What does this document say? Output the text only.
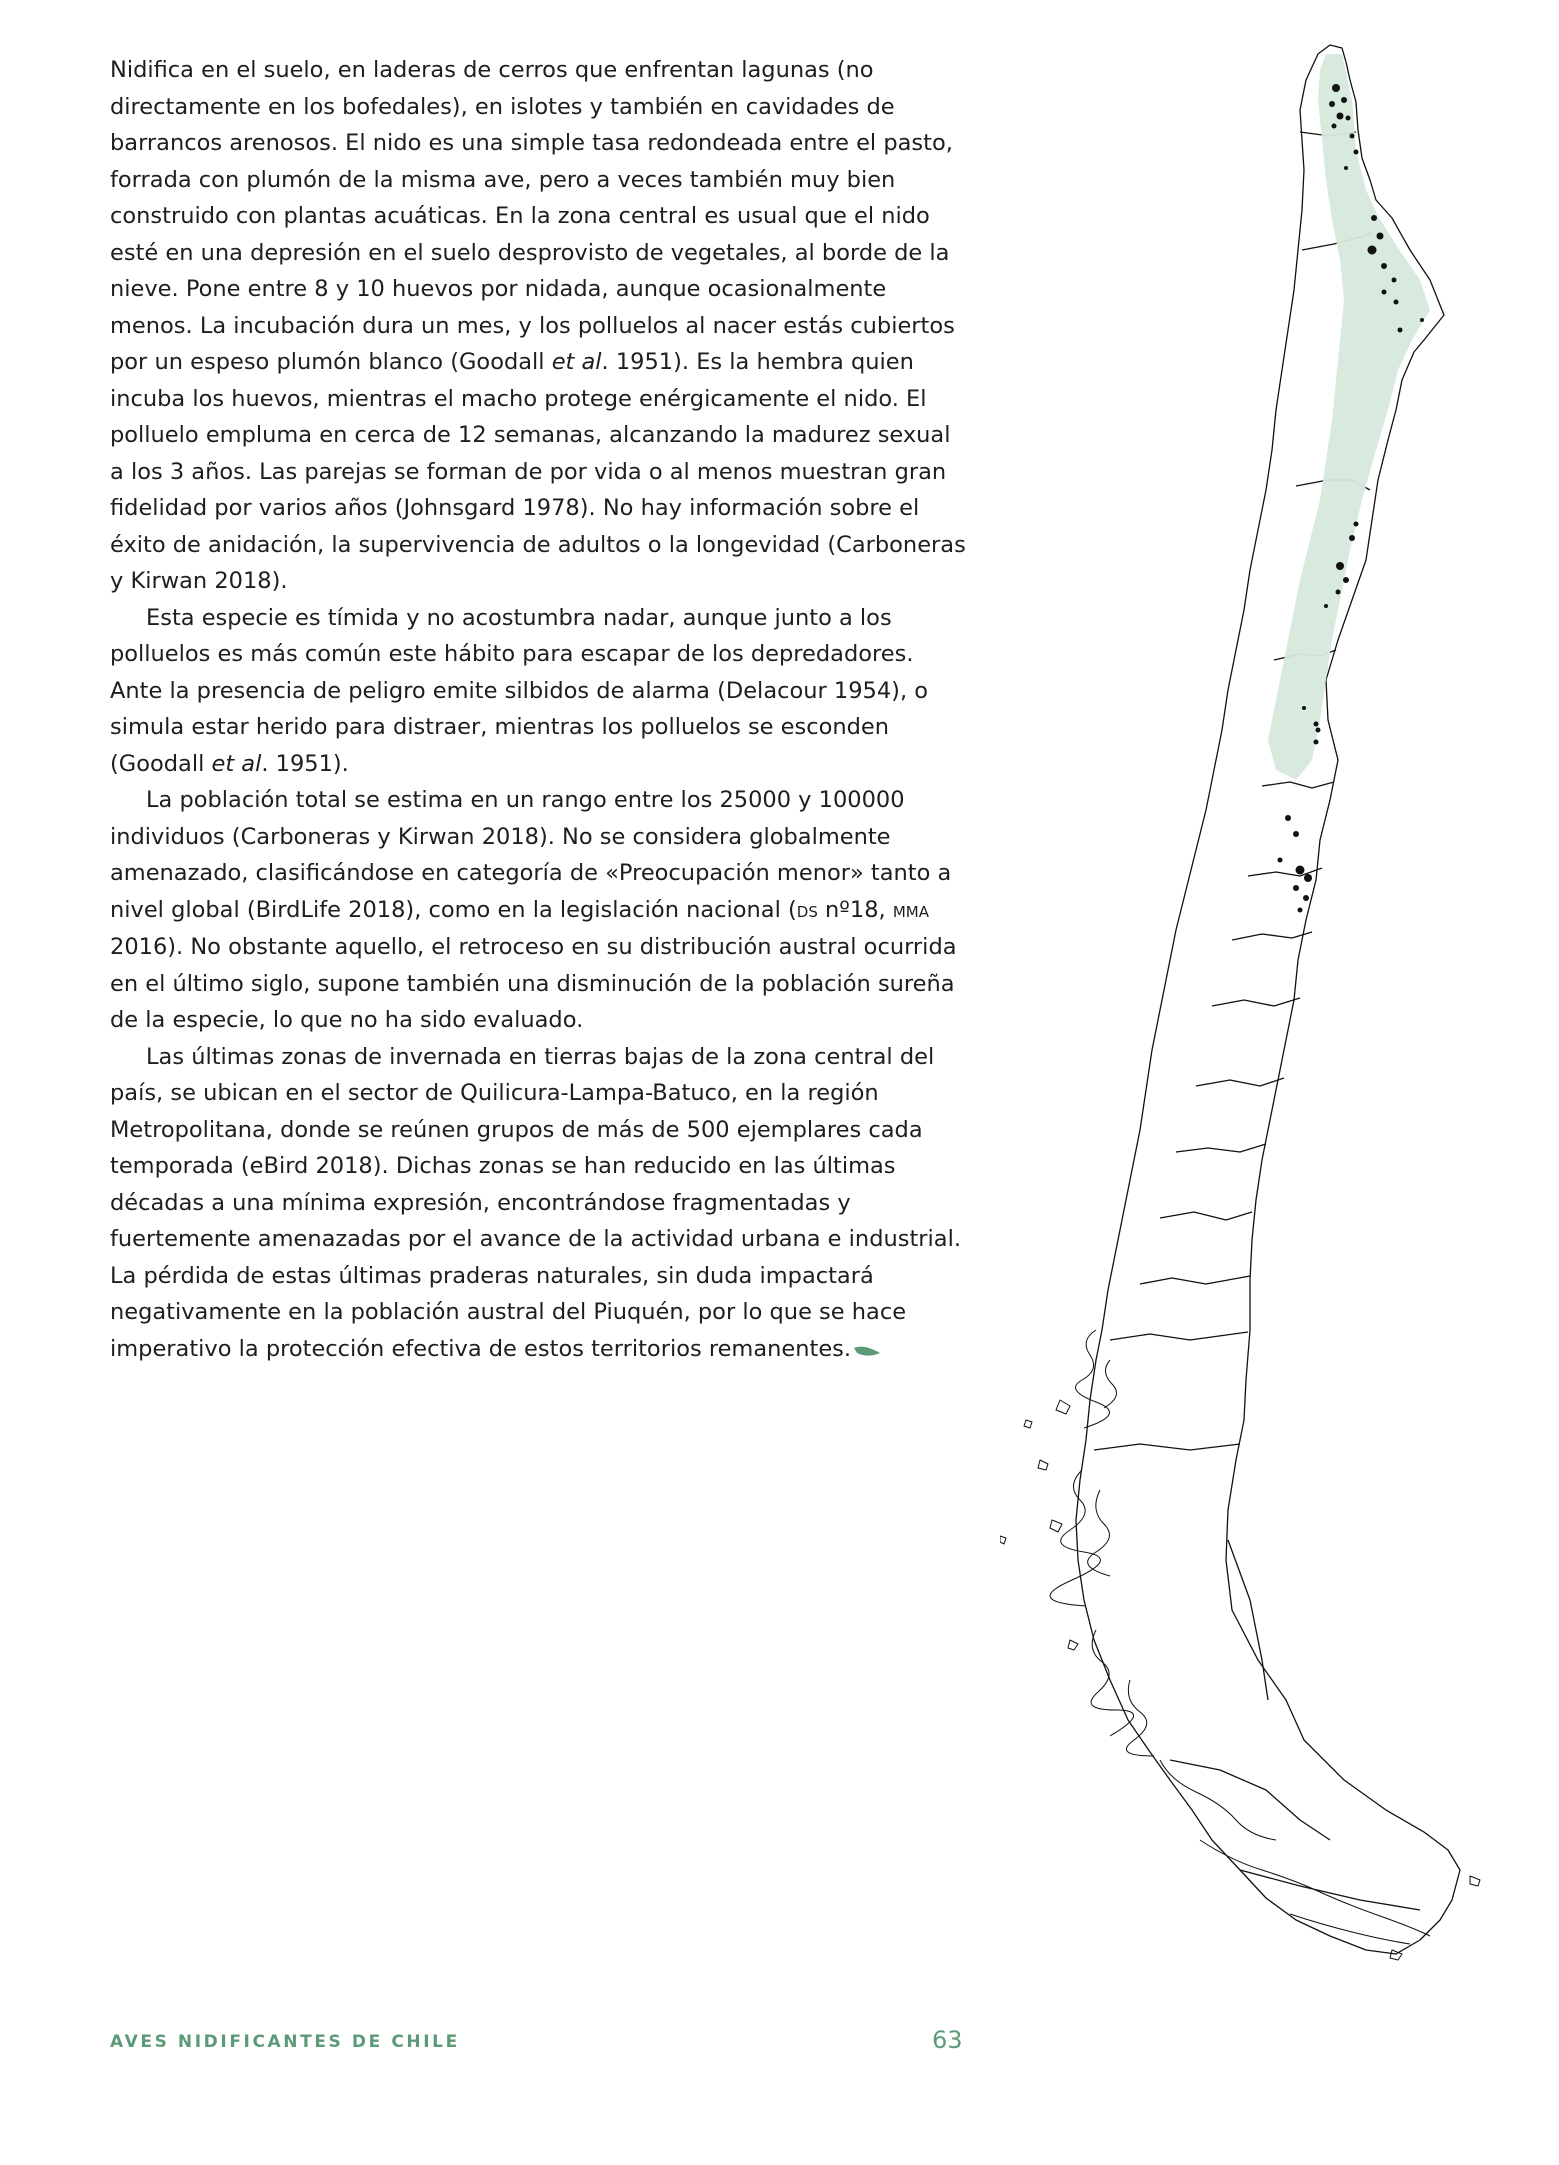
Nidifica en el suelo, en laderas de cerros que enfrentan lagunas (no directamente en los bofedales), en islotes y también en cavidades de barrancos arenosos. El nido es una simple tasa redondeada entre el pasto, forrada con plumón de la misma ave, pero a veces también muy bien construido con plantas acuáticas. En la zona central es usual que el nido esté en una depresión en el suelo desprovisto de vegetales, al borde de la nieve. Pone entre 8 y 10 huevos por nidada, aunque ocasionalmente menos. La incubación dura un mes, y los polluelos al nacer estás cubiertos por un espeso plumón blanco (Goodall et al. 1951). Es la hembra quien incuba los huevos, mientras el macho protege enérgicamente el nido. El polluelo empluma en cerca de 12 semanas, alcanzando la madurez sexual a los 3 años. Las parejas se forman de por vida o al menos muestran gran fidelidad por varios años (Johnsgard 1978). No hay información sobre el éxito de anidación, la supervivencia de adultos o la longevidad (Carboneras y Kirwan 2018).

Esta especie es tímida y no acostumbra nadar, aunque junto a los polluelos es más común este hábito para escapar de los depredadores. Ante la presencia de peligro emite silbidos de alarma (Delacour 1954), o simula estar herido para distraer, mientras los polluelos se esconden (Goodall et al. 1951).

La población total se estima en un rango entre los 25000 y 100000 individuos (Carboneras y Kirwan 2018). No se considera globalmente amenazado, clasificándose en categoría de «Preocupación menor» tanto a nivel global (BirdLife 2018), como en la legislación nacional (ds nº18, mma 2016). No obstante aquello, el retroceso en su distribución austral ocurrida en el último siglo, supone también una disminución de la población sureña de la especie, lo que no ha sido evaluado.

Las últimas zonas de invernada en tierras bajas de la zona central del país, se ubican en el sector de Quilicura-Lampa-Batuco, en la región Metropolitana, donde se reúnen grupos de más de 500 ejemplares cada temporada (eBird 2018). Dichas zonas se han reducido en las últimas décadas a una mínima expresión, encontrándose fragmentadas y fuertemente amenazadas por el avance de la actividad urbana e industrial. La pérdida de estas últimas praderas naturales, sin duda impactará negativamente en la población austral del Piuquén, por lo que se hace imperativo la protección efectiva de estos territorios remanentes.

AVES NIDIFICANTES DE CHILE	63
